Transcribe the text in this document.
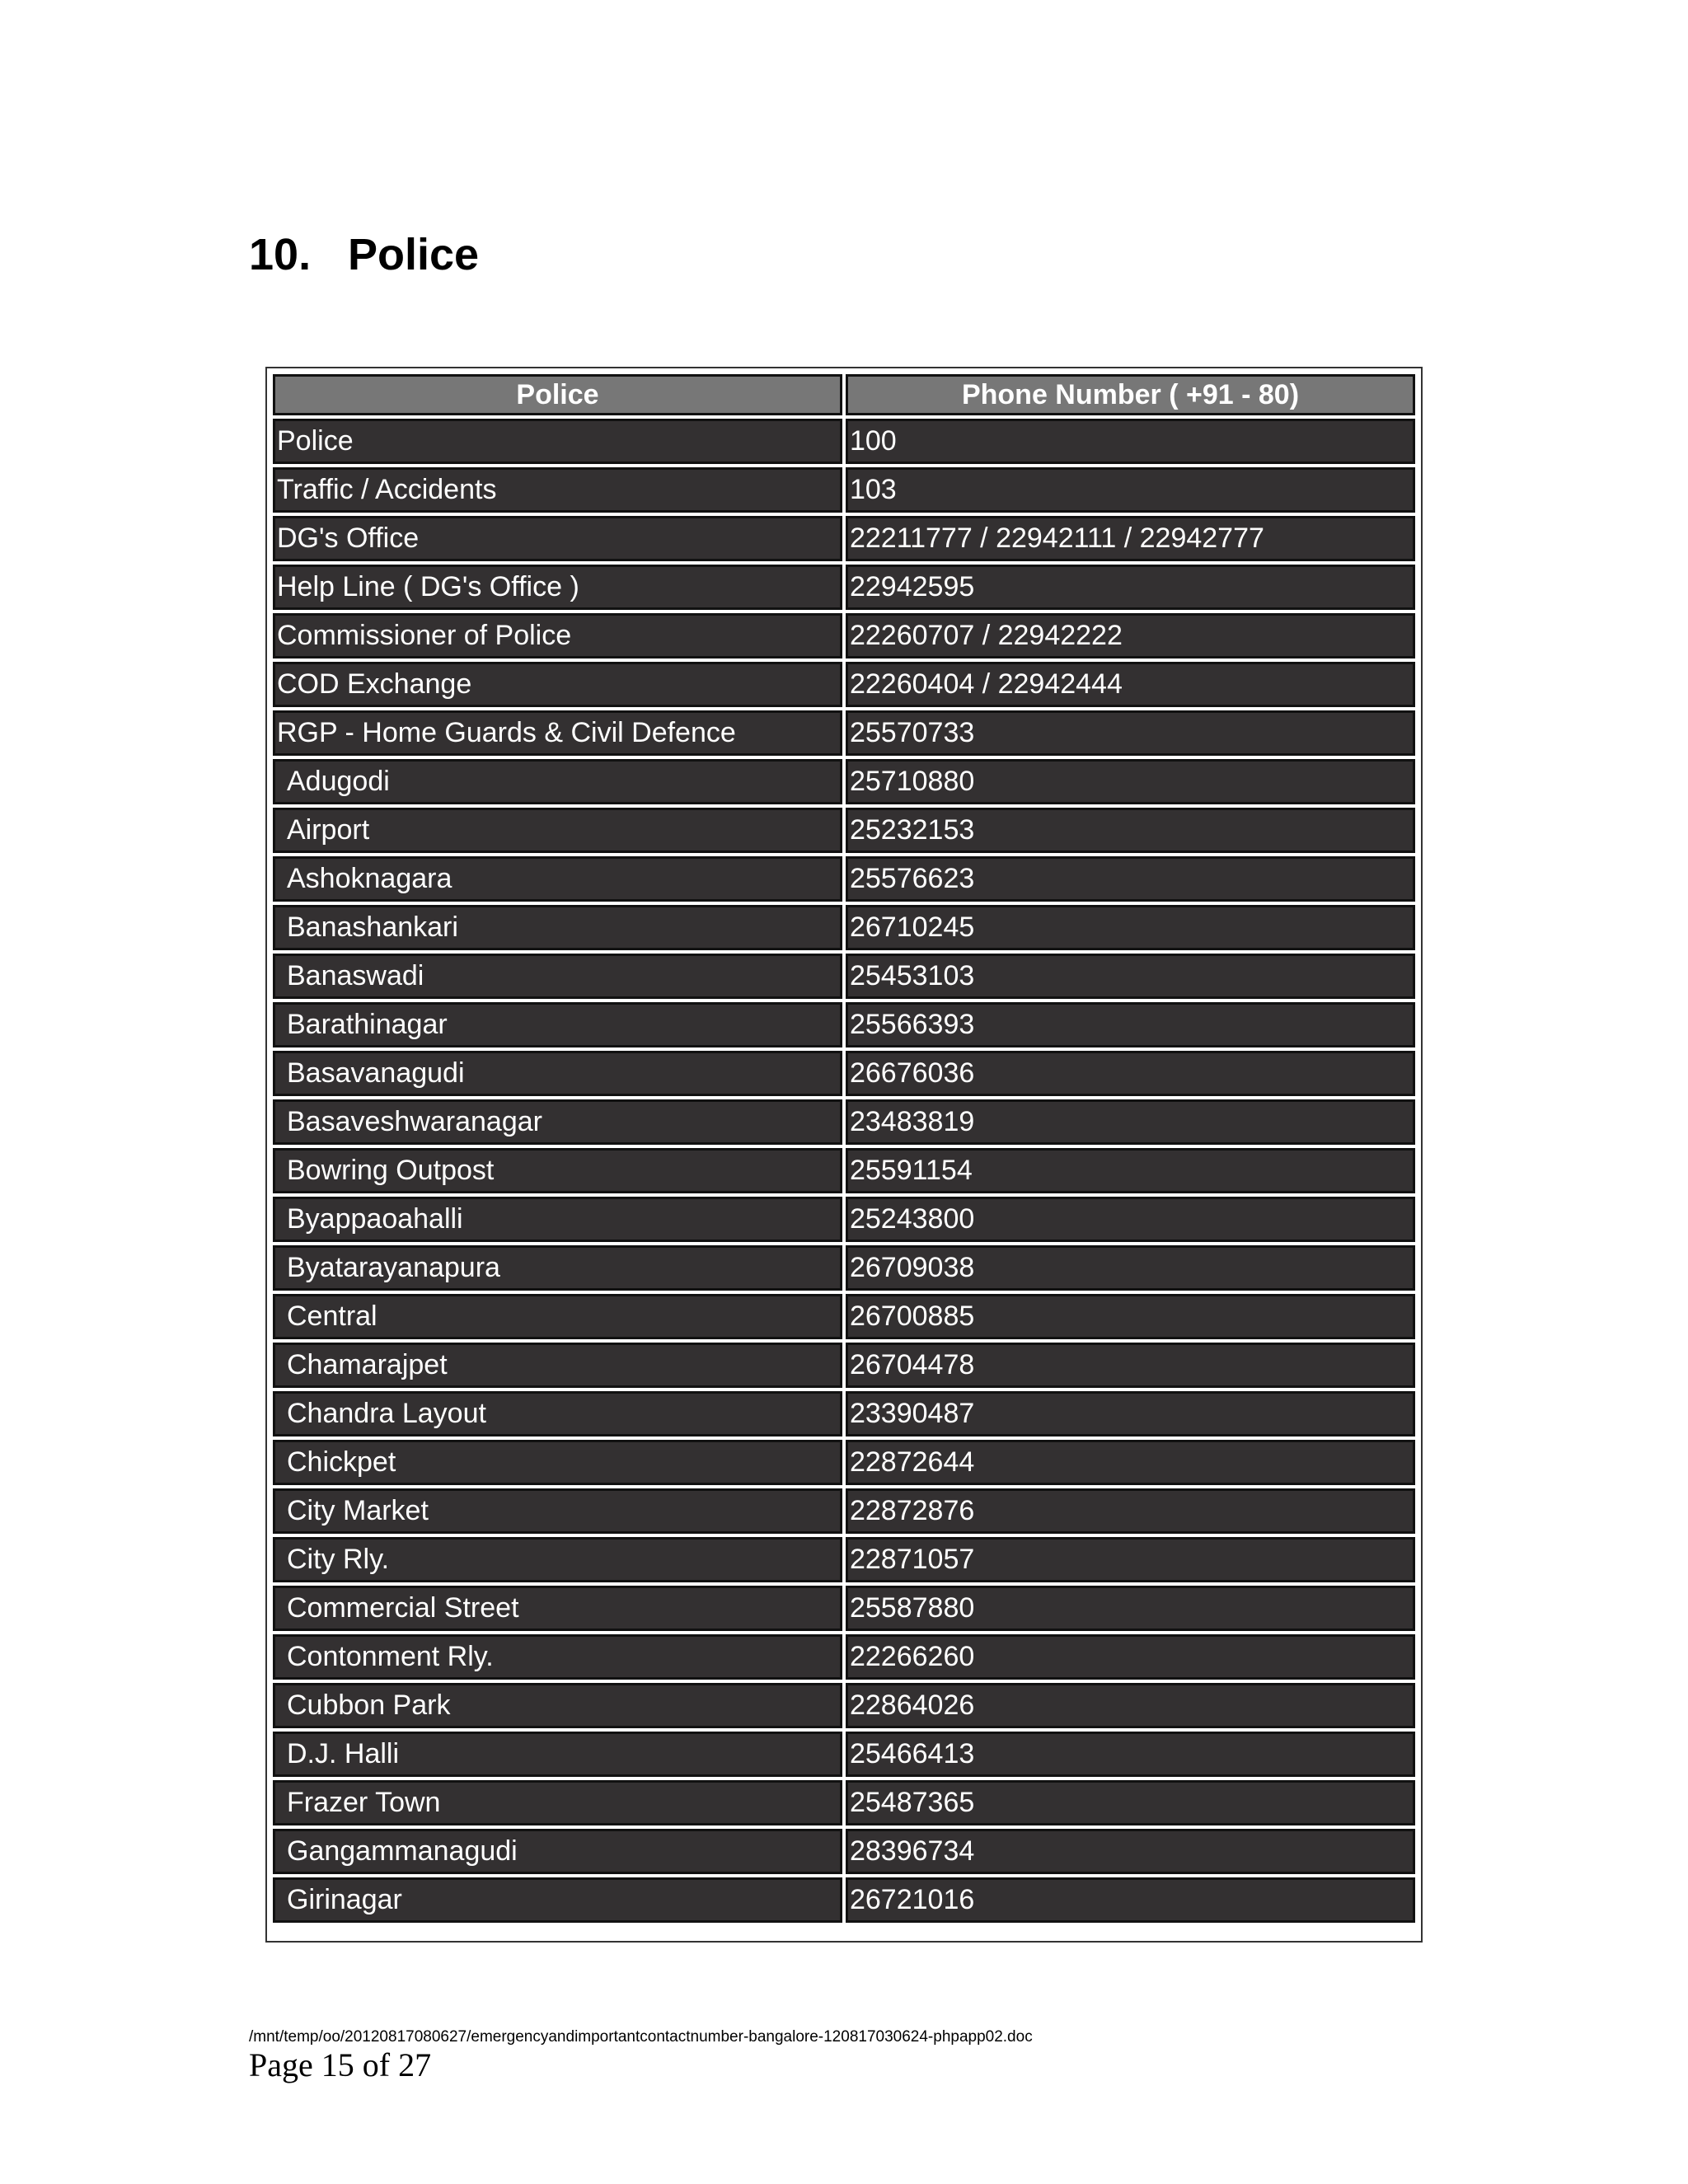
10. Police
Police	Phone Number ( +91 - 80)
Police	100
Traffic / Accidents	103
DG's Office	22211777 / 22942111 / 22942777
Help Line ( DG's Office )	22942595
Commissioner of Police	22260707 / 22942222
COD Exchange	22260404 / 22942444
RGP - Home Guards & Civil Defence	25570733
Adugodi	25710880
Airport	25232153
Ashoknagara	25576623
Banashankari	26710245
Banaswadi	25453103
Barathinagar	25566393
Basavanagudi	26676036
Basaveshwaranagar	23483819
Bowring Outpost	25591154
Byappaoahalli	25243800
Byatarayanapura	26709038
Central	26700885
Chamarajpet	26704478
Chandra Layout	23390487
Chickpet	22872644
City Market	22872876
City Rly.	22871057
Commercial Street	25587880
Contonment Rly.	22266260
Cubbon Park	22864026
D.J. Halli	25466413
Frazer Town	25487365
Gangammanagudi	28396734
Girinagar	26721016
/mnt/temp/oo/20120817080627/emergencyandimportantcontactnumber-bangalore-120817030624-phpapp02.doc
Page 15 of 27
